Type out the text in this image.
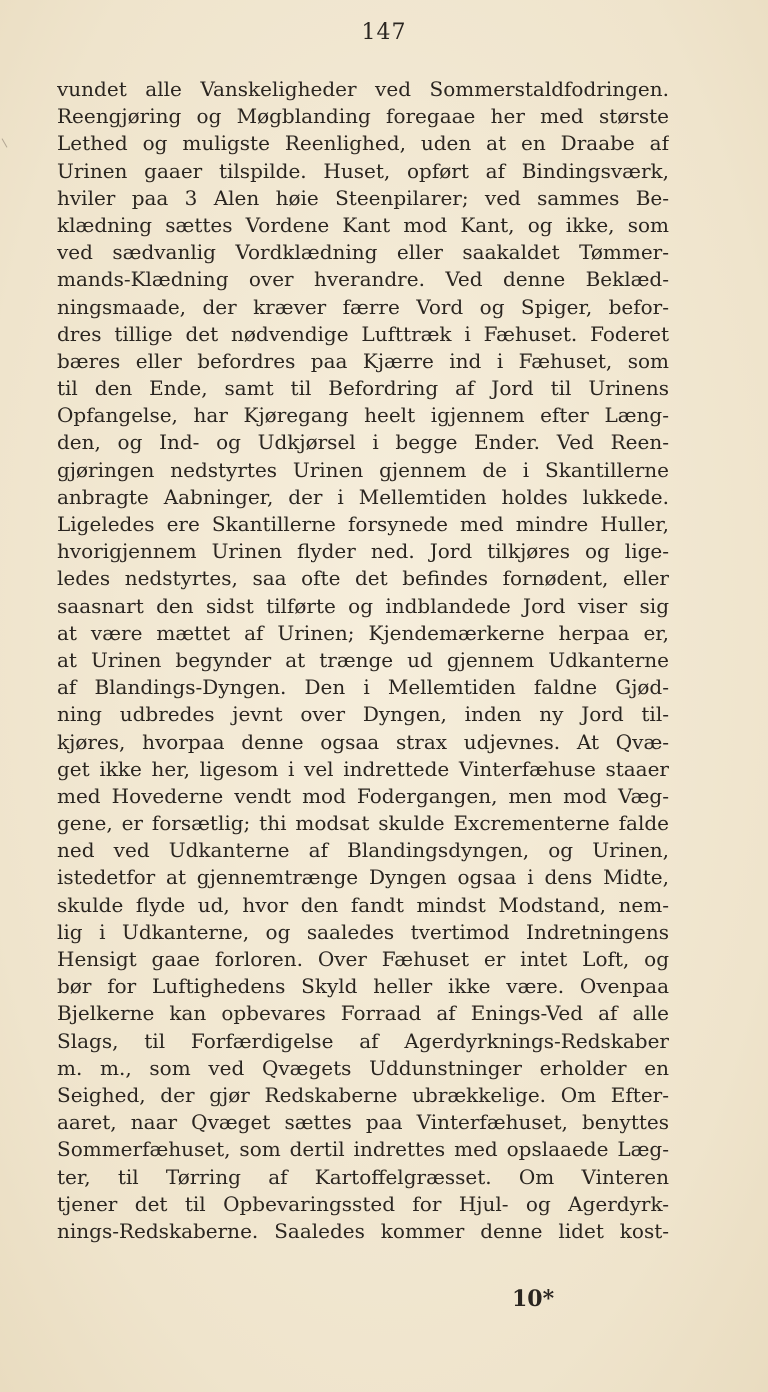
147
vundet alle Vanskeligheder ved Sommerstaldfodringen.
Reengjøring og Møgblanding foregaae her med største
Lethed og muligste Reenlighed, uden at en Draabe af
Urinen gaaer tilspilde. Huset, opført af Bindingsværk,
hviler paa 3 Alen høie Steenpilarer; ved sammes Be-
klædning sættes Vordene Kant mod Kant, og ikke, som
ved sædvanlig Vordklædning eller saakaldet Tømmer-
mands-Klædning over hverandre. Ved denne Beklæd-
ningsmaade, der kræver færre Vord og Spiger, befor-
dres tillige det nødvendige Lufttræk i Fæhuset. Foderet
bæres eller befordres paa Kjærre ind i Fæhuset, som
til den Ende, samt til Befordring af Jord til Urinens
Opfangelse, har Kjøregang heelt igjennem efter Læng-
den, og Ind- og Udkjørsel i begge Ender. Ved Reen-
gjøringen nedstyrtes Urinen gjennem de i Skantillerne
anbragte Aabninger, der i Mellemtiden holdes lukkede.
Ligeledes ere Skantillerne forsynede med mindre Huller,
hvorigjennem Urinen flyder ned. Jord tilkjøres og lige-
ledes nedstyrtes, saa ofte det befindes fornødent, eller
saasnart den sidst tilførte og indblandede Jord viser sig
at være mættet af Urinen; Kjendemærkerne herpaa er,
at Urinen begynder at trænge ud gjennem Udkanterne
af Blandings-Dyngen. Den i Mellemtiden faldne Gjød-
ning udbredes jevnt over Dyngen, inden ny Jord til-
kjøres, hvorpaa denne ogsaa strax udjevnes. At Qvæ-
get ikke her, ligesom i vel indrettede Vinterfæhuse staaer
med Hovederne vendt mod Fodergangen, men mod Væg-
gene, er forsætlig; thi modsat skulde Excrementerne falde
ned ved Udkanterne af Blandingsdyngen, og Urinen,
istedetfor at gjennemtrænge Dyngen ogsaa i dens Midte,
skulde flyde ud, hvor den fandt mindst Modstand, nem-
lig i Udkanterne, og saaledes tvertimod Indretningens
Hensigt gaae forloren. Over Fæhuset er intet Loft, og
bør for Luftighedens Skyld heller ikke være. Ovenpaa
Bjelkerne kan opbevares Forraad af Enings-Ved af alle
Slags, til Forfærdigelse af Agerdyrknings-Redskaber
m. m., som ved Qvægets Uddunstninger erholder en
Seighed, der gjør Redskaberne ubrækkelige. Om Efter-
aaret, naar Qvæget sættes paa Vinterfæhuset, benyttes
Sommerfæhuset, som dertil indrettes med opslaaede Læg-
ter, til Tørring af Kartoffelgræsset. Om Vinteren
tjener det til Opbevaringssted for Hjul- og Agerdyrk-
nings-Redskaberne. Saaledes kommer denne lidet kost-
10*
